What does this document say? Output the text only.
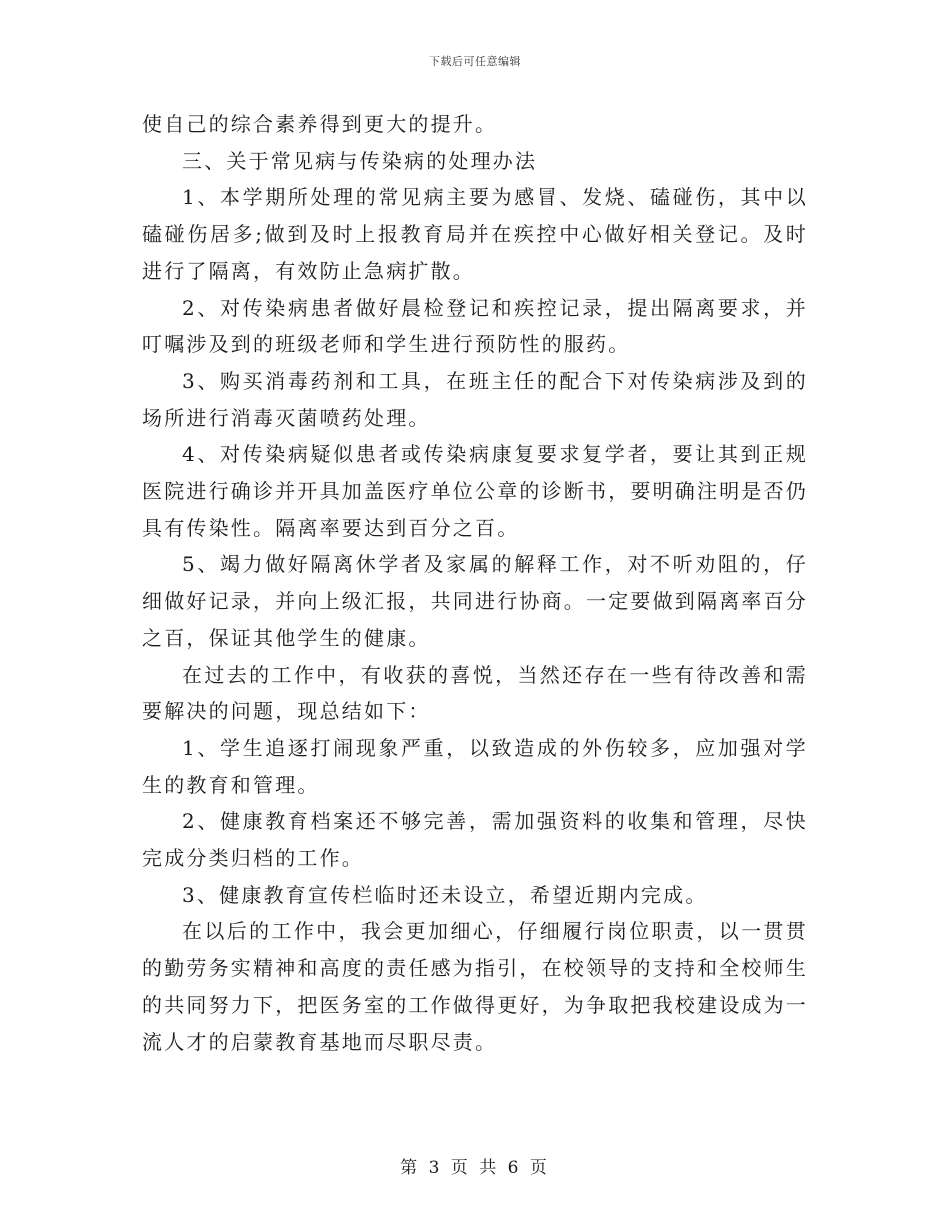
下载后可任意编辑

使自己的综合素养得到更大的提升。

三、关于常见病与传染病的处理办法

1、本学期所处理的常见病主要为感冒、发烧、磕碰伤，其中以磕碰伤居多;做到及时上报教育局并在疾控中心做好相关登记。及时进行了隔离，有效防止急病扩散。

2、对传染病患者做好晨检登记和疾控记录，提出隔离要求，并叮嘱涉及到的班级老师和学生进行预防性的服药。

3、购买消毒药剂和工具，在班主任的配合下对传染病涉及到的场所进行消毒灭菌喷药处理。

4、对传染病疑似患者或传染病康复要求复学者，要让其到正规医院进行确诊并开具加盖医疗单位公章的诊断书，要明确注明是否仍具有传染性。隔离率要达到百分之百。

5、竭力做好隔离休学者及家属的解释工作，对不听劝阻的，仔细做好记录，并向上级汇报，共同进行协商。一定要做到隔离率百分之百，保证其他学生的健康。

在过去的工作中，有收获的喜悦，当然还存在一些有待改善和需要解决的问题，现总结如下：

1、学生追逐打闹现象严重，以致造成的外伤较多，应加强对学生的教育和管理。

2、健康教育档案还不够完善，需加强资料的收集和管理，尽快完成分类归档的工作。

3、健康教育宣传栏临时还未设立，希望近期内完成。

在以后的工作中，我会更加细心，仔细履行岗位职责，以一贯贯的勤劳务实精神和高度的责任感为指引，在校领导的支持和全校师生的共同努力下，把医务室的工作做得更好，为争取把我校建设成为一流人才的启蒙教育基地而尽职尽责。

第 3 页 共 6 页
